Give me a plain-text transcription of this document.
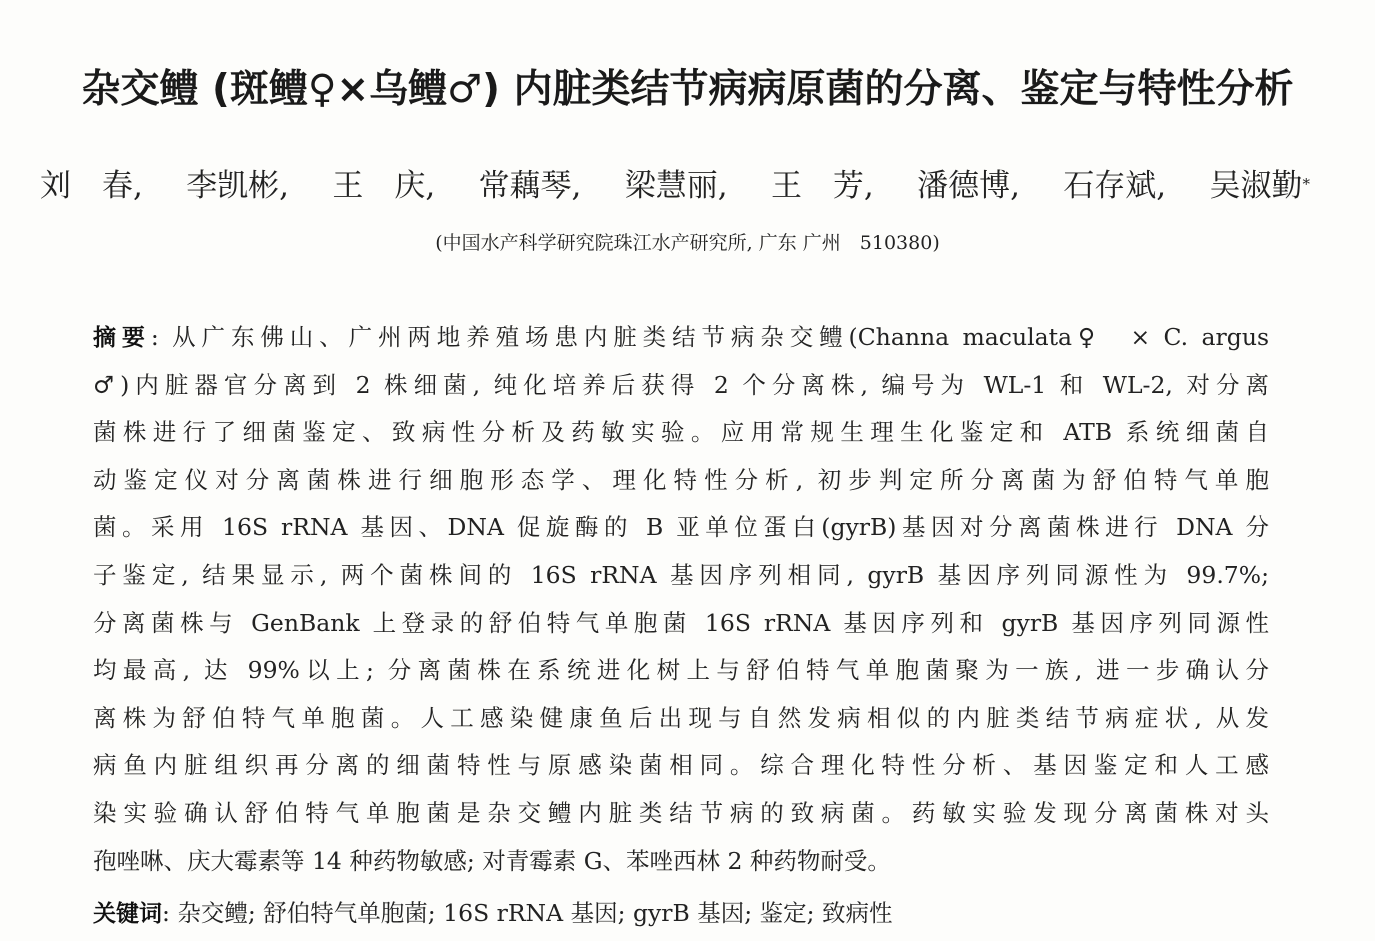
杂交鳢 (斑鳢♀×乌鳢♂) 内脏类结节病病原菌的分离、鉴定与特性分析
刘　春, 李凯彬, 王　庆, 常藕琴, 梁慧丽, 王　芳, 潘德博, 石存斌, 吴淑勤*
(中国水产科学研究院珠江水产研究所, 广东 广州　510380)
摘要: 从广东佛山、广州两地养殖场患内脏类结节病杂交鳢(Channa maculata♀　× C. argus
♂)内脏器官分离到 2 株细菌, 纯化培养后获得 2 个分离株, 编号为 WL-1 和 WL-2, 对分离
菌株进行了细菌鉴定、致病性分析及药敏实验。应用常规生理生化鉴定和 ATB 系统细菌自
动鉴定仪对分离菌株进行细胞形态学、理化特性分析, 初步判定所分离菌为舒伯特气单胞
菌。采用 16S rRNA 基因、DNA 促旋酶的 B 亚单位蛋白(gyrB)基因对分离菌株进行 DNA 分
子鉴定, 结果显示, 两个菌株间的 16S rRNA 基因序列相同, gyrB 基因序列同源性为 99.7%;
分离菌株与 GenBank 上登录的舒伯特气单胞菌 16S rRNA 基因序列和 gyrB 基因序列同源性
均最高, 达 99%以上; 分离菌株在系统进化树上与舒伯特气单胞菌聚为一族, 进一步确认分
离株为舒伯特气单胞菌。人工感染健康鱼后出现与自然发病相似的内脏类结节病症状, 从发
病鱼内脏组织再分离的细菌特性与原感染菌相同。综合理化特性分析、基因鉴定和人工感
染实验确认舒伯特气单胞菌是杂交鳢内脏类结节病的致病菌。药敏实验发现分离菌株对头
孢唑啉、庆大霉素等 14 种药物敏感; 对青霉素 G、苯唑西林 2 种药物耐受。
关键词: 杂交鳢; 舒伯特气单胞菌; 16S rRNA 基因; gyrB 基因; 鉴定; 致病性
